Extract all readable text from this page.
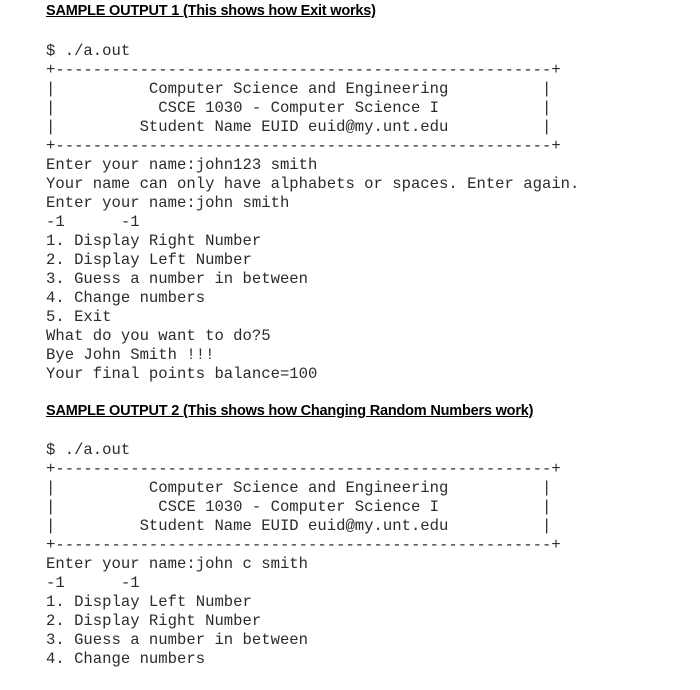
SAMPLE OUTPUT 1 (This shows how Exit works)
$ ./a.out
+-----------------------------------------------------+
|          Computer Science and Engineering          |
|           CSCE 1030 - Computer Science I           |
|         Student Name EUID euid@my.unt.edu          |
+-----------------------------------------------------+
Enter your name:john123 smith
Your name can only have alphabets or spaces. Enter again.
Enter your name:john smith
-1      -1
1. Display Right Number
2. Display Left Number
3. Guess a number in between
4. Change numbers
5. Exit
What do you want to do?5
Bye John Smith !!!
Your final points balance=100
SAMPLE OUTPUT 2 (This shows how Changing Random Numbers work)
$ ./a.out
+-----------------------------------------------------+
|          Computer Science and Engineering          |
|           CSCE 1030 - Computer Science I           |
|         Student Name EUID euid@my.unt.edu          |
+-----------------------------------------------------+
Enter your name:john c smith
-1      -1
1. Display Left Number
2. Display Right Number
3. Guess a number in between
4. Change numbers
